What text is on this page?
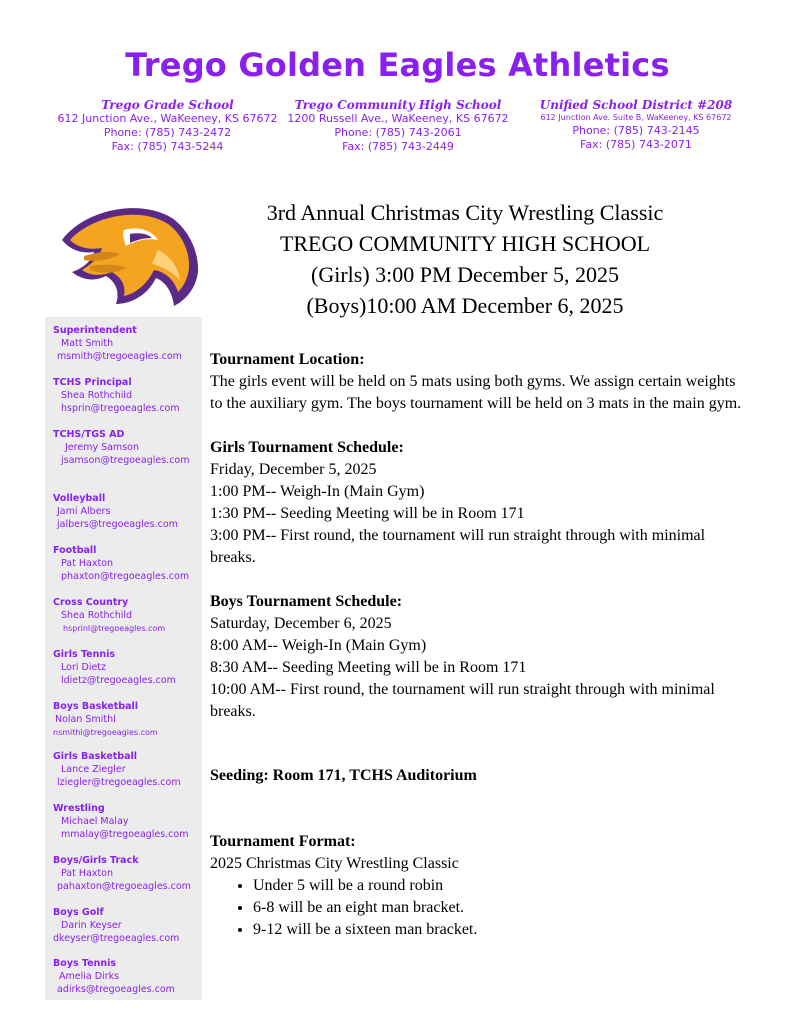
Trego Golden Eagles Athletics
Trego Grade School
612 Junction Ave., WaKeeney, KS 67672
Phone: (785) 743-2472
Fax: (785) 743-5244
Trego Community High School
1200 Russell Ave., WaKeeney, KS 67672
Phone: (785) 743-2061
Fax: (785) 743-2449
Unified School District #208
612 Junction Ave. Suite B, WaKeeney, KS 67672
Phone: (785) 743-2145
Fax: (785) 743-2071
3rd Annual Christmas City Wrestling Classic
TREGO COMMUNITY HIGH SCHOOL
(Girls) 3:00 PM December 5, 2025
(Boys)10:00 AM December 6, 2025
Superintendent
Matt Smith
msmith@tregoeagles.com
TCHS Principal
Shea Rothchild
hsprin@tregoeagles.com
TCHS/TGS AD
Jeremy Samson
jsamson@tregoeagles.com
Volleyball
Jami Albers
jalbers@tregoeagles.com
Football
Pat Haxton
phaxton@tregoeagles.com
Cross Country
Shea Rothchild
hsprinl@tregoeagles.com
Girls Tennis
Lori Dietz
ldietz@tregoeagles.com
Boys Basketball
Nolan Smithl
nsmithl@tregoeagles.com
Girls Basketball
Lance Ziegler
lziegler@tregoeagles.com
Wrestling
Michael Malay
mmalay@tregoeagles.com
Boys/Girls Track
Pat Haxton
pahaxton@tregoeagles.com
Boys Golf
Darin Keyser
dkeyser@tregoeagles.com
Boys Tennis
Amelia Dirks
adirks@tregoeagles.com

Tournament Location:

The girls event will be held on 5 mats using both gyms. We assign certain weights to the auxiliary gym. The boys tournament will be held on 3 mats in the main gym.

Girls Tournament Schedule:

Friday, December 5, 2025

1:00 PM-- Weigh-In (Main Gym)

1:30 PM-- Seeding Meeting will be in Room 171

3:00 PM-- First round, the tournament will run straight through with minimal breaks.

Boys Tournament Schedule:

Saturday, December 6, 2025

8:00 AM-- Weigh-In (Main Gym)

8:30 AM-- Seeding Meeting will be in Room 171

10:00 AM-- First round, the tournament will run straight through with minimal breaks.

Seeding: Room 171, TCHS Auditorium

Tournament Format:

2025 Christmas City Wrestling Classic

• Under 5 will be a round robin
• 6-8 will be an eight man bracket.
• 9-12 will be a sixteen man bracket.
